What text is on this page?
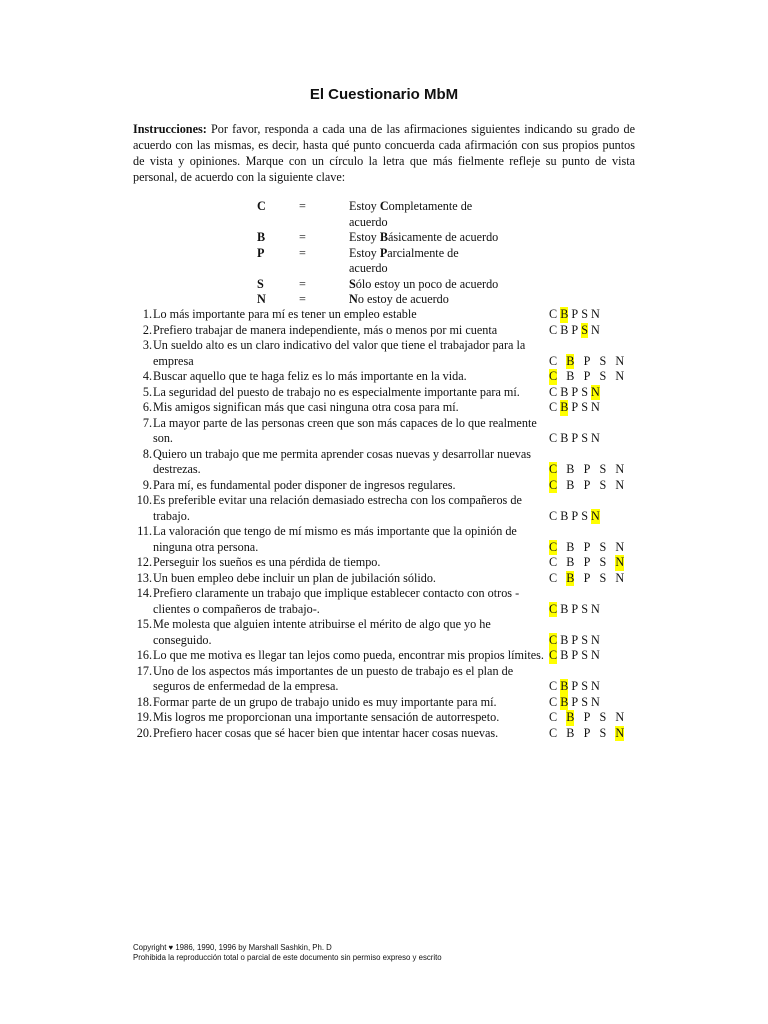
El Cuestionario MbM
Instrucciones: Por favor, responda a cada una de las afirmaciones siguientes indicando su grado de acuerdo con las mismas, es decir, hasta qué punto concuerda cada afirmación con sus propios puntos de vista y opiniones. Marque con un círculo la letra que más fielmente refleje su punto de vista personal, de acuerdo con la siguiente clave:
C	=	Estoy Completamente de acuerdo
B	=	Estoy Básicamente de acuerdo
P	=	Estoy Parcialmente de acuerdo
S	=	Sólo estoy un poco de acuerdo
N	=	No estoy de acuerdo
1. Lo más importante para mí es tener un empleo estable	C B P S N
2. Prefiero trabajar de manera independiente, más o menos por mi cuenta	C B P S N
3. Un sueldo alto es un claro indicativo del valor que tiene el trabajador para la empresa	C B P S N
4. Buscar aquello que te haga feliz es lo más importante en la vida.	C B P S N
5. La seguridad del puesto de trabajo no es especialmente importante para mí.	C B P S N
6. Mis amigos significan más que casi ninguna otra cosa para mí.	C B P S N
7. La mayor parte de las personas creen que son más capaces de lo que realmente son.	C B P S N
8. Quiero un trabajo que me permita aprender cosas nuevas y desarrollar nuevas destrezas.	C B P S N
9. Para mí, es fundamental poder disponer de ingresos regulares.	C B P S N
10. Es preferible evitar una relación demasiado estrecha con los compañeros de trabajo.	C B P S N
11. La valoración que tengo de mí mismo es más importante que la opinión de ninguna otra persona.	C B P S N
12. Perseguir los sueños es una pérdida de tiempo.	C B P S N
13. Un buen empleo debe incluir un plan de jubilación sólido.	C B P S N
14. Prefiero claramente un trabajo que implique establecer contacto con otros - clientes o compañeros de trabajo-.	C B P S N
15. Me molesta que alguien intente atribuirse el mérito de algo que yo he conseguido.	C B P S N
16. Lo que me motiva es llegar tan lejos como pueda, encontrar mis propios límites. C B P S N
17. Uno de los aspectos más importantes de un puesto de trabajo es el plan de seguros de enfermedad de la empresa.	C B P S N
18. Formar parte de un grupo de trabajo unido es muy importante para mí.	C B P S N
19. Mis logros me proporcionan una importante sensación de autorrespeto.	C B P S N
20. Prefiero hacer cosas que sé hacer bien que intentar hacer cosas nuevas.	C B P S N
Copyright ♥ 1986, 1990, 1996 by Marshall Sashkin, Ph. D
Prohibida la reproducción total o parcial de este documento sin permiso expreso y escrito
